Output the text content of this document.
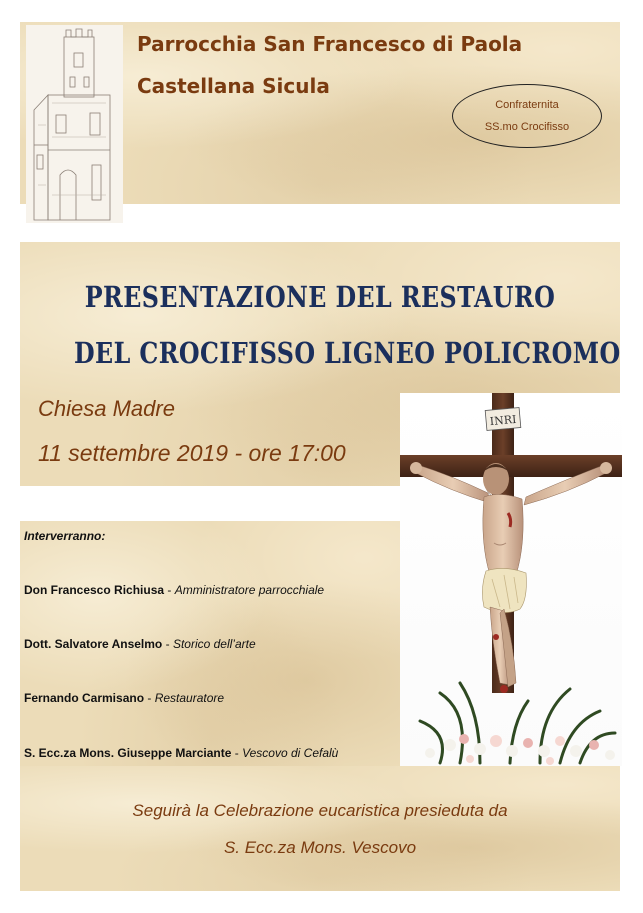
Parrocchia San Francesco di Paola
Castellana Sicula
Confraternita
SS.mo Crocifisso
PRESENTAZIONE DEL RESTAURO
DEL CROCIFISSO LIGNEO POLICROMO
Chiesa Madre
11 settembre 2019 - ore 17:00
INRI
Interverranno:
Don Francesco Richiusa - Amministratore parrocchiale
Dott. Salvatore Anselmo - Storico dell’arte
Fernando Carmisano - Restauratore
S. Ecc.za Mons. Giuseppe Marciante - Vescovo di Cefalù
Seguirà la Celebrazione eucaristica presieduta da
S. Ecc.za Mons. Vescovo
